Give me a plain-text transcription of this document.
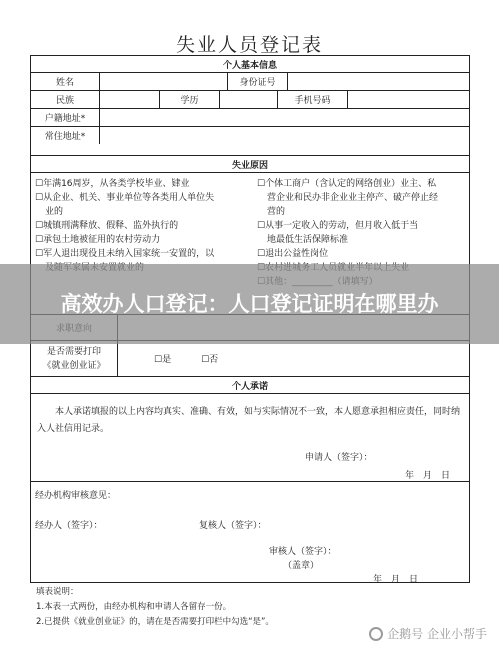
失业人员登记表
个人基本信息
姓名	身份证号
民族	学历	手机号码
户籍地址*
常住地址*
失业原因
☐年满16周岁，从各类学校毕业、肄业
☐从企业、机关、事业单位等各类用人单位失
业的
☐城镇刑满释放、假释、监外执行的
☐承包土地被征用的农村劳动力
☐军人退出现役且未纳入国家统一安置的，以
☐个体工商户（含认定的网络创业）业主、私
营企业和民办非企业业主停产、破产停止经
营的
☐从事一定收入的劳动，但月收入低于当
地最低生活保障标准
☐退出公益性岗位
是否需要打印《就业创业证》
☐是	☐否
个人承诺
本人承诺填报的以上内容均真实、准确、有效，如与实际情况不一致，本人愿意承担相应责任，同时纳入人社信用记录。
申请人（签字）：
年　月　日
经办机构审核意见：
经办人（签字）：	复核人（签字）：
审核人（签字）：
（盖章）
年　月　日
填表说明：
1.本表一式两份，由经办机构和申请人各留存一份。
2.已提供《就业创业证》的，请在是否需要打印栏中勾选“是”。
高效办人口登记：人口登记证明在哪里办
企鹅号 企业小帮手
